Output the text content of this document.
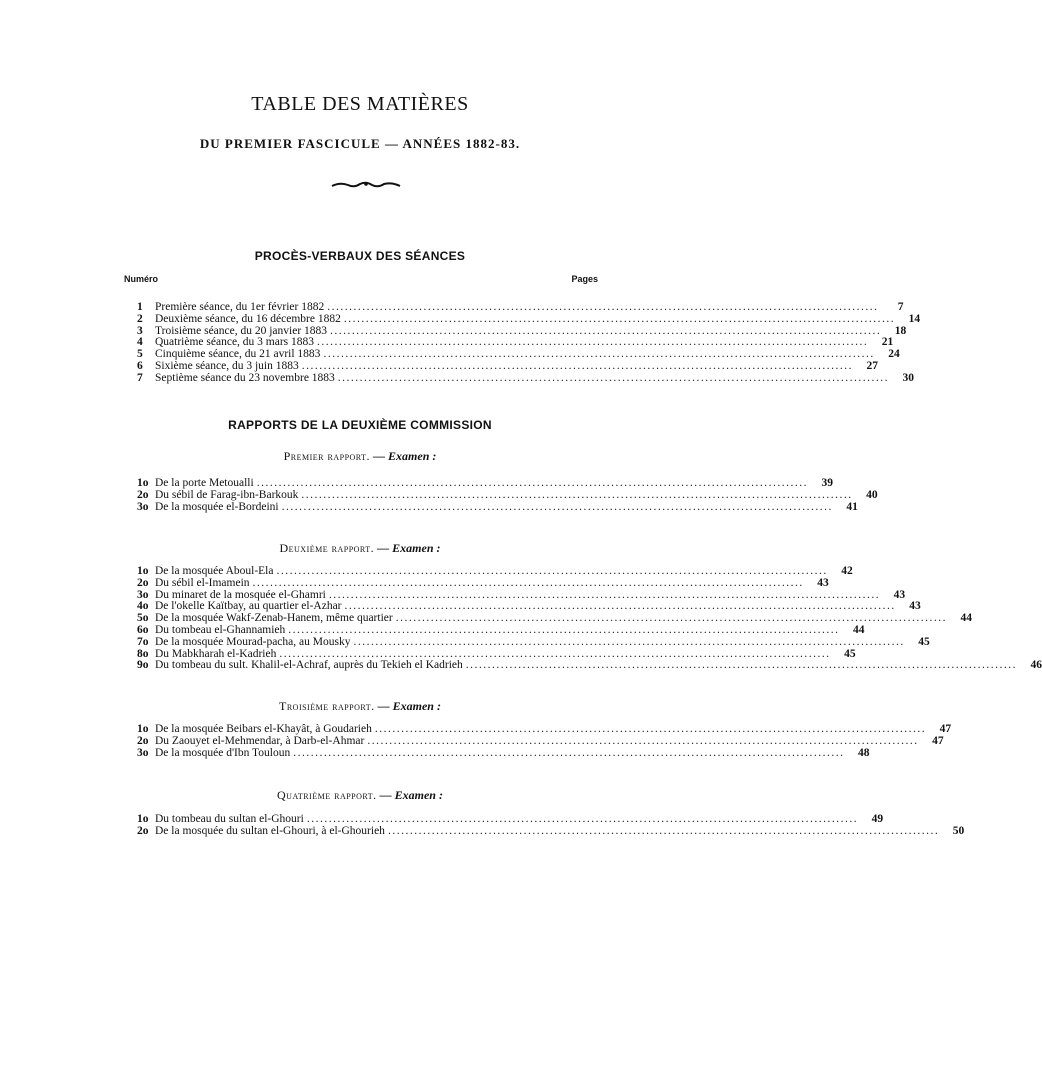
TABLE DES MATIÈRES
DU PREMIER FASCICULE — ANNÉES 1882-83.
PROCÈS-VERBAUX DES SÉANCES
Numéro	Pages
1	Première séance, du 1er février 1882 .....	7
2	Deuxième séance, du 16 décembre 1882 .....	14
3	Troisième séance, du 20 janvier 1883 .....	18
4	Quatrième séance, du 3 mars 1883 .....	21
5	Cinquième séance, du 21 avril 1883 .....	24
6	Sixième séance, du 3 juin 1883 .....	27
7	Septième séance du 23 novembre 1883 .....	30
RAPPORTS DE LA DEUXIÈME COMMISSION
Premier rapport. — Examen :
1o De la porte Metoualli .....	39
2o Du sébil de Farag-ibn-Barkouk .....	40
3o De la mosquée el-Bordeini .....	41
Deuxième rapport. — Examen :
1o De la mosquée Aboul-Ela .....	42
2o Du sébil el-Imamein .....	43
3o Du minaret de la mosquée el-Ghamri .....	43
4o De l'okelle Kaïtbay, au quartier el-Azhar .....	43
5o De la mosquée Wakf-Zenab-Hanem, même quartier .....	44
6o Du tombeau el-Ghannamieh .....	44
7o De la mosquée Mourad-pacha, au Mousky .....	45
8o Du Mabkharah el-Kadrieh .....	45
9o Du tombeau du sult. Khalil-el-Achraf, auprès du Tekieh el Kadrieh .....	46
Troisième rapport. — Examen :
1o De la mosquée Beibars el-Khayât, à Goudarieh .....	47
2o Du Zaouyet el-Mehmendar, à Darb-el-Ahmar .....	47
3o De la mosquée d'Ibn Touloun .....	48
Quatrième rapport. — Examen :
1o Du tombeau du sultan el-Ghouri .....	49
2o De la mosquée du sultan el-Ghouri, à el-Ghourieh .....	50
